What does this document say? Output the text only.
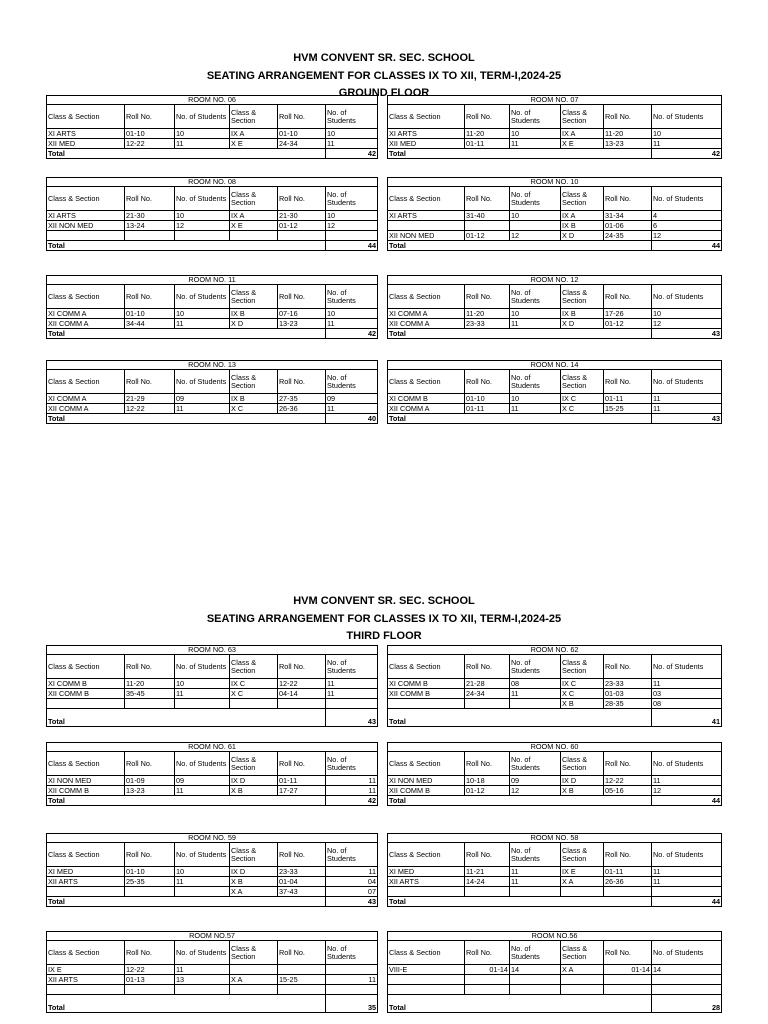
HVM CONVENT SR. SEC. SCHOOL
SEATING ARRANGEMENT FOR CLASSES IX TO XII, TERM-I,2024-25
GROUND FLOOR
HVM CONVENT SR. SEC. SCHOOL
SEATING ARRANGEMENT FOR CLASSES IX TO XII, TERM-I,2024-25
THIRD FLOOR
ROOM NO. 06					
Class & Section	Roll No.	No. of Students	Class & Section	Roll No.	No. of Students
XI ARTS	01-10	10	IX A	01-10	10
XII MED	12-22	11	X E	24-34	11
Total					42
ROOM NO. 07					
Class & Section	Roll No.	No. of Students	Class & Section	Roll No.	No. of Students
XI ARTS	11-20	10	IX A	11-20	10
XII MED	01-11	11	X E	13-23	11
Total					42
ROOM NO. 08					
Class & Section	Roll No.	No. of Students	Class & Section	Roll No.	No. of Students
XI ARTS	21-30	10	IX A	21-30	10
XII NON MED	13-24	12	X E	01-12	12

Total					44
ROOM NO. 10					
Class & Section	Roll No.	No. of Students	Class & Section	Roll No.	No. of Students
XI ARTS	31-40	10	IX A	31-34	4
			IX B	01-06	6
XII NON MED	01-12	12	X D	24-35	12
Total					44
ROOM NO. 11					
Class & Section	Roll No.	No. of Students	Class & Section	Roll No.	No. of Students
XI COMM A	01-10	10	IX B	07-16	10
XII COMM A	34-44	11	X D	13-23	11
Total					42
ROOM NO. 12					
Class & Section	Roll No.	No. of Students	Class & Section	Roll No.	No. of Students
XI COMM A	11-20	10	IX B	17-26	10
XII COMM A	23-33	11	X D	01-12	12
Total					43
ROOM NO. 13					
Class & Section	Roll No.	No. of Students	Class & Section	Roll No.	No. of Students
XI COMM A	21-29	09	IX B	27-35	09
XII COMM A	12-22	11	X C	26-36	11
Total					40
ROOM NO. 14					
Class & Section	Roll No.	No. of Students	Class & Section	Roll No.	No. of Students
XI COMM B	01-10	10	IX C	01-11	11
XII COMM A	01-11	11	X C	15-25	11
Total					43
ROOM NO. 63					
Class & Section	Roll No.	No. of Students	Class & Section	Roll No.	No. of Students
XI COMM B	11-20	10	IX C	12-22	11
XII COMM B	35-45	11	X C	04-14	11

Total					43
ROOM NO. 62					
Class & Section	Roll No.	No. of Students	Class & Section	Roll No.	No. of Students
XI COMM B	21-28	08	IX C	23-33	11
XII COMM B	24-34	11	X C	01-03	03
			X B	28-35	08
Total					41
ROOM NO. 61					
Class & Section	Roll No.	No. of Students	Class & Section	Roll No.	No. of Students
XI NON MED	01-09	09	IX D	01-11	11
XII COMM B	13-23	11	X B	17-27	11
Total					42
ROOM NO. 60					
Class & Section	Roll No.	No. of Students	Class & Section	Roll No.	No. of Students
XI NON MED	10-18	09	IX D	12-22	11
XII COMM B	01-12	12	X B	05-16	12
Total					44
ROOM NO. 59					
Class & Section	Roll No.	No. of Students	Class & Section	Roll No.	No. of Students
XI MED	01-10	10	IX D	23-33	11
XII ARTS	25-35	11	X B	01-04	04
			X A	37-43	07
Total					43
ROOM NO. 58					
Class & Section	Roll No.	No. of Students	Class & Section	Roll No.	No. of Students
XI MED	11-21	11	IX E	01-11	11
XII ARTS	14-24	11	X A	26-36	11

Total					44
ROOM NO.57					
Class & Section	Roll No.	No. of Students	Class & Section	Roll No.	No. of Students
IX E	12-22	11			
XII ARTS	01-13	13	X A	15-25	11

Total					35
ROOM NO.56					
Class & Section	Roll No.	No. of Students	Class & Section	Roll No.	No. of Students
VIII-E	01-14	14	X A	01-14	14

Total					28
